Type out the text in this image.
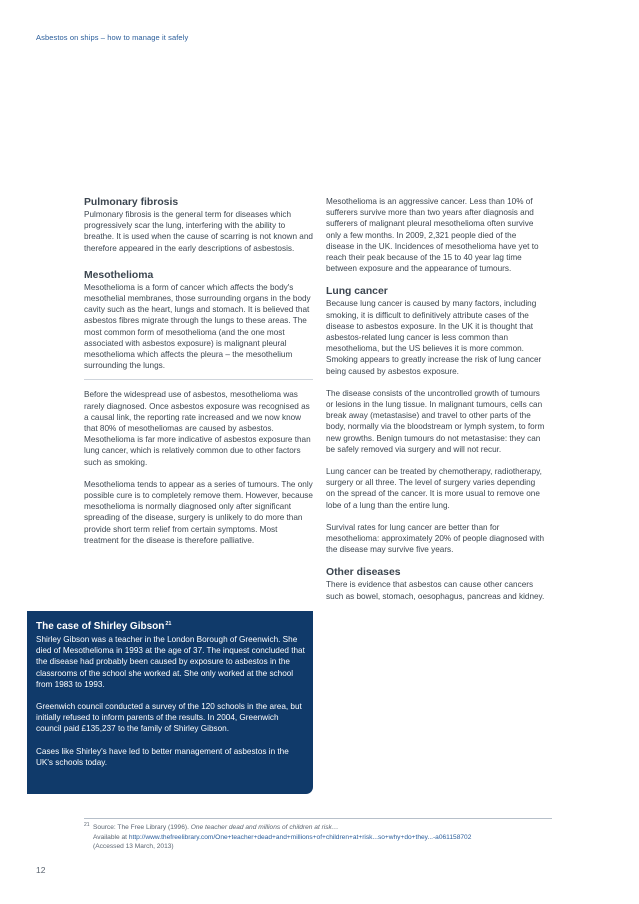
Asbestos on ships – how to manage it safely
Pulmonary fibrosis

Pulmonary fibrosis is the general term for diseases which progressively scar the lung, interfering with the ability to breathe. It is used when the cause of scarring is not known and therefore appeared in the early descriptions of asbestosis.

Mesothelioma

Mesothelioma is a form of cancer which affects the body's mesothelial membranes, those surrounding organs in the body cavity such as the heart, lungs and stomach. It is believed that asbestos fibres migrate through the lungs to these areas. The most common form of mesothelioma (and the one most associated with asbestos exposure) is malignant pleural mesothelioma which affects the pleura – the mesothelium surrounding the lungs.

Before the widespread use of asbestos, mesothelioma was rarely diagnosed. Once asbestos exposure was recognised as a causal link, the reporting rate increased and we now know that 80% of mesotheliomas are caused by asbestos. Mesothelioma is far more indicative of asbestos exposure than lung cancer, which is relatively common due to other factors such as smoking.

Mesothelioma tends to appear as a series of tumours. The only possible cure is to completely remove them. However, because mesothelioma is normally diagnosed only after significant spreading of the disease, surgery is unlikely to do more than provide short term relief from certain symptoms. Most treatment for the disease is therefore palliative.

Mesothelioma is an aggressive cancer. Less than 10% of sufferers survive more than two years after diagnosis and sufferers of malignant pleural mesothelioma often survive only a few months. In 2009, 2,321 people died of the disease in the UK. Incidences of mesothelioma have yet to reach their peak because of the 15 to 40 year lag time between exposure and the appearance of tumours.

Lung cancer

Because lung cancer is caused by many factors, including smoking, it is difficult to definitively attribute cases of the disease to asbestos exposure. In the UK it is thought that asbestos-related lung cancer is less common than mesothelioma, but the US believes it is more common. Smoking appears to greatly increase the risk of lung cancer being caused by asbestos exposure.

The disease consists of the uncontrolled growth of tumours or lesions in the lung tissue. In malignant tumours, cells can break away (metastasise) and travel to other parts of the body, normally via the bloodstream or lymph system, to form new growths. Benign tumours do not metastasise: they can be safely removed via surgery and will not recur.

Lung cancer can be treated by chemotherapy, radiotherapy, surgery or all three. The level of surgery varies depending on the spread of the cancer. It is more usual to remove one lobe of a lung than the entire lung.

Survival rates for lung cancer are better than for mesothelioma: approximately 20% of people diagnosed with the disease may survive five years.

Other diseases

There is evidence that asbestos can cause other cancers such as bowel, stomach, oesophagus, pancreas and kidney.

The case of Shirley Gibson$^{21}$

Shirley Gibson was a teacher in the London Borough of Greenwich. She died of Mesothelioma in 1993 at the age of 37. The inquest concluded that the disease had probably been caused by exposure to asbestos in the classrooms of the school she worked at. She only worked at the school from 1983 to 1993.

Greenwich council conducted a survey of the 120 schools in the area, but initially refused to inform parents of the results. In 2004, Greenwich council paid £135,237 to the family of Shirley Gibson.

Cases like Shirley's have led to better management of asbestos in the UK's schools today.

21 Source: The Free Library (1996). One teacher dead and millions of children at risk…
Available at http://www.thefreelibrary.com/One+teacher+dead+and+millions+of+children+at+risk...so+why+do+they...-a061158702
(Accessed 13 March, 2013)
12
